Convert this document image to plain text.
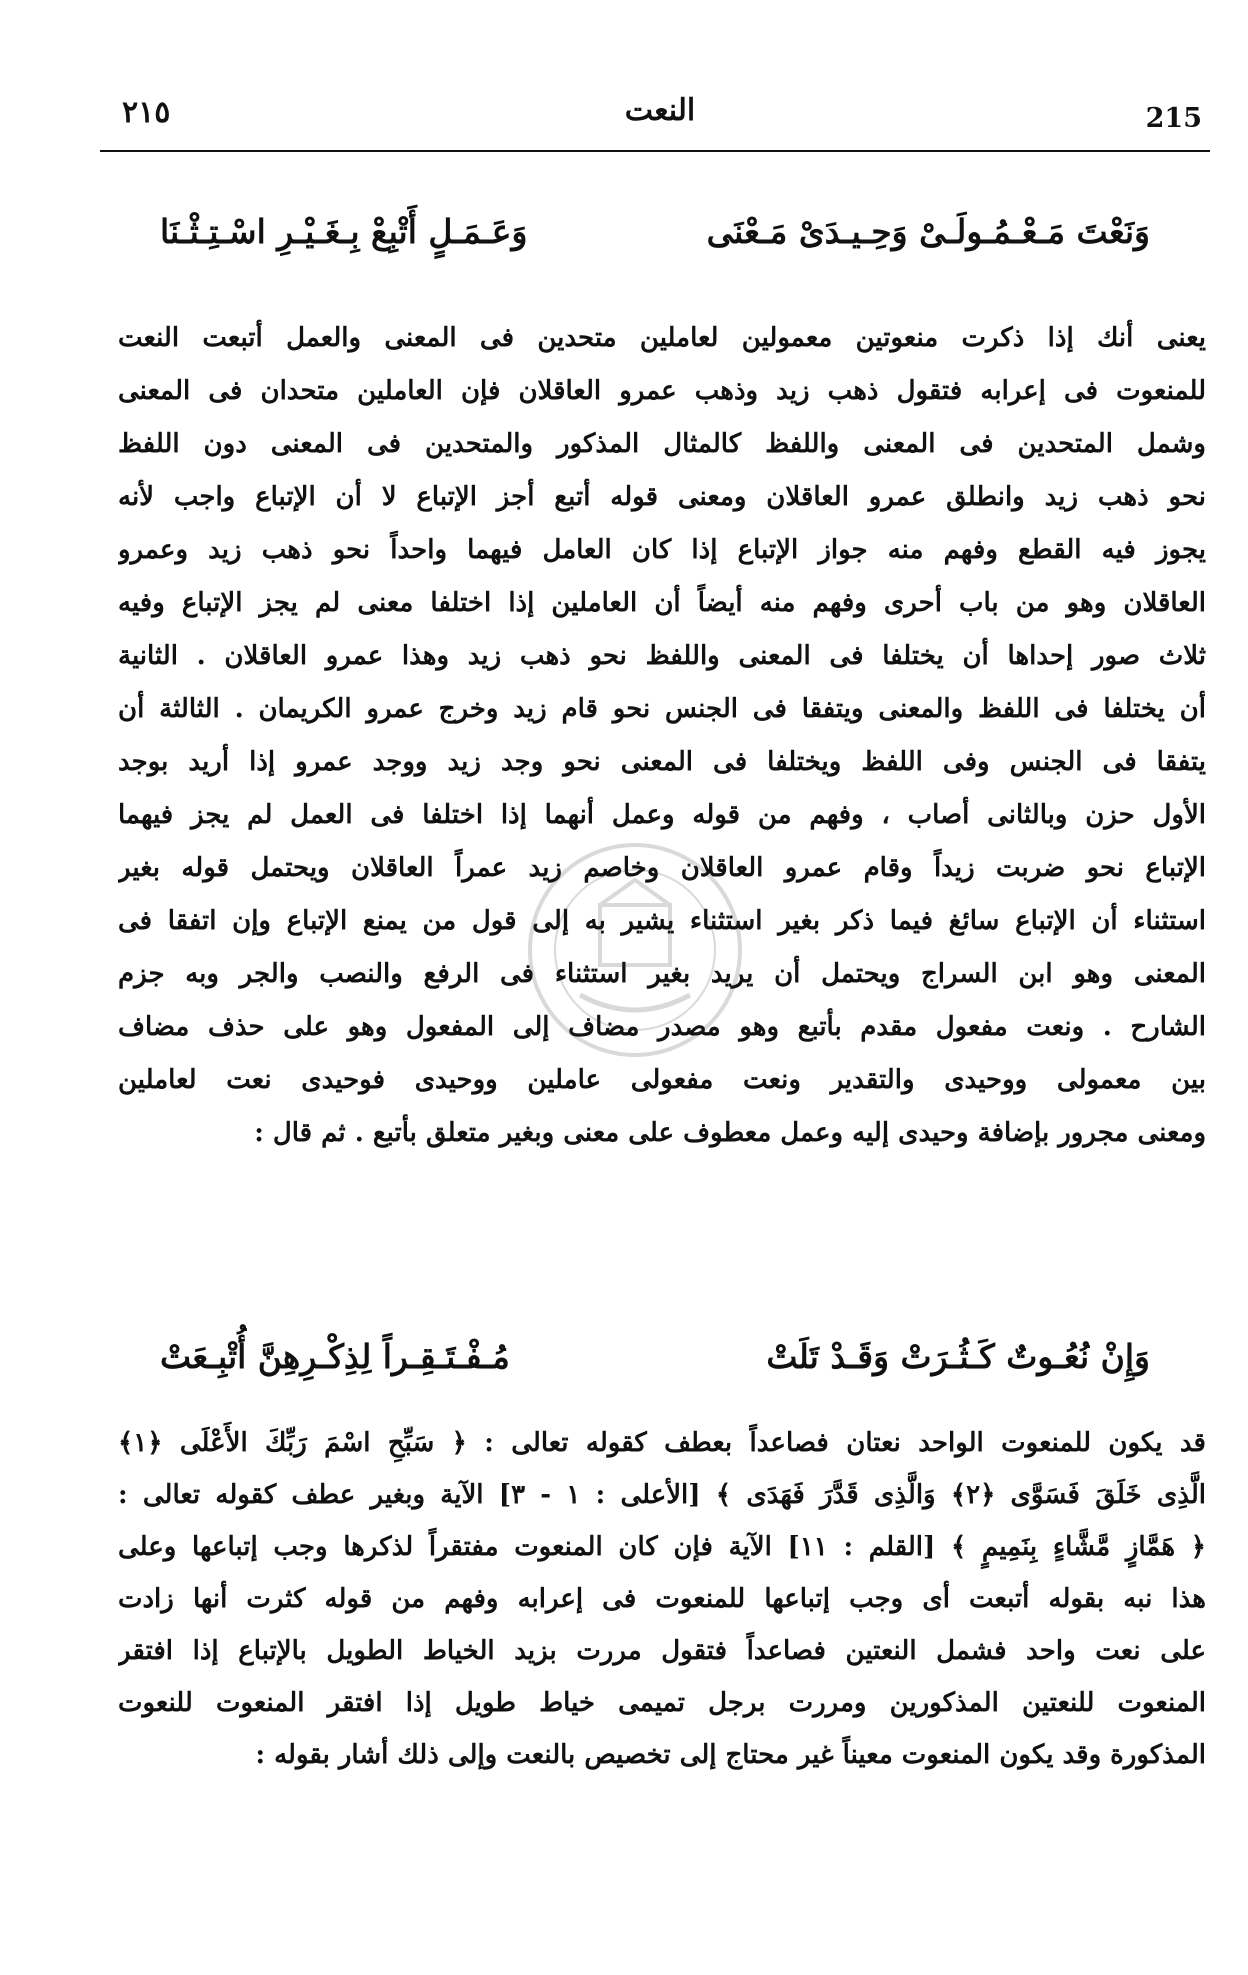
٢١٥	النعت	215
وَنَعْتَ مَـعْـمُـولَـىْ وَحِـيـدَىْ مَـعْنَى
وَعَـمَـلٍ أَتْبِعْ بِـغَـيْـرِ اسْـتِـثْـنَا
يعنى أنك إذا ذكرت منعوتين معمولين لعاملين متحدين فى المعنى والعمل أتبعت النعت
للمنعوت فى إعرابه فتقول ذهب زيد وذهب عمرو العاقلان فإن العاملين متحدان فى المعنى
وشمل المتحدين فى المعنى واللفظ كالمثال المذكور والمتحدين فى المعنى دون اللفظ
نحو ذهب زيد وانطلق عمرو العاقلان ومعنى قوله أتبع أجز الإتباع لا أن الإتباع واجب لأنه
يجوز فيه القطع وفهم منه جواز الإتباع إذا كان العامل فيهما واحداً نحو ذهب زيد وعمرو
العاقلان وهو من باب أحرى وفهم منه أيضاً أن العاملين إذا اختلفا معنى لم يجز الإتباع وفيه
ثلاث صور إحداها أن يختلفا فى المعنى واللفظ نحو ذهب زيد وهذا عمرو العاقلان . الثانية
أن يختلفا فى اللفظ والمعنى ويتفقا فى الجنس نحو قام زيد وخرج عمرو الكريمان . الثالثة أن
يتفقا فى الجنس وفى اللفظ ويختلفا فى المعنى نحو وجد زيد ووجد عمرو إذا أريد بوجد
الأول حزن وبالثانى أصاب ، وفهم من قوله وعمل أنهما إذا اختلفا فى العمل لم يجز فيهما
الإتباع نحو ضربت زيداً وقام عمرو العاقلان وخاصم زيد عمراً العاقلان ويحتمل قوله بغير
استثناء أن الإتباع سائغ فيما ذكر بغير استثناء يشير به إلى قول من يمنع الإتباع وإن اتفقا فى
المعنى وهو ابن السراج ويحتمل أن يريد بغير استثناء فى الرفع والنصب والجر وبه جزم
الشارح . ونعت مفعول مقدم بأتبع وهو مصدر مضاف إلى المفعول وهو على حذف مضاف
بين معمولى ووحيدى والتقدير ونعت مفعولى عاملين ووحيدى فوحيدى نعت لعاملين
ومعنى مجرور بإضافة وحيدى إليه وعمل معطوف على معنى وبغير متعلق بأتبع . ثم قال :
وَإِنْ نُعُـوتٌ كَـثُـرَتْ وَقَـدْ تَلَتْ
مُـفْـتَـقِـراً لِذِكْـرِهِنَّ أُتْبِـعَتْ
قد يكون للمنعوت الواحد نعتان فصاعداً بعطف كقوله تعالى : ﴿ سَبِّحِ اسْمَ رَبِّكَ الأَعْلَى ﴿١﴾
الَّذِى خَلَقَ فَسَوَّى ﴿٢﴾ وَالَّذِى قَدَّرَ فَهَدَى ﴾ [الأعلى : ١ - ٣] الآية وبغير عطف كقوله تعالى :
﴿ هَمَّازٍ مَّشَّاءٍ بِنَمِيمٍ ﴾ [القلم : ١١] الآية فإن كان المنعوت مفتقراً لذكرها وجب إتباعها وعلى
هذا نبه بقوله أتبعت أى وجب إتباعها للمنعوت فى إعرابه وفهم من قوله كثرت أنها زادت
على نعت واحد فشمل النعتين فصاعداً فتقول مررت بزيد الخياط الطويل بالإتباع إذا افتقر
المنعوت للنعتين المذكورين ومررت برجل تميمى خياط طويل إذا افتقر المنعوت للنعوت
المذكورة وقد يكون المنعوت معيناً غير محتاج إلى تخصيص بالنعت وإلى ذلك أشار بقوله :
